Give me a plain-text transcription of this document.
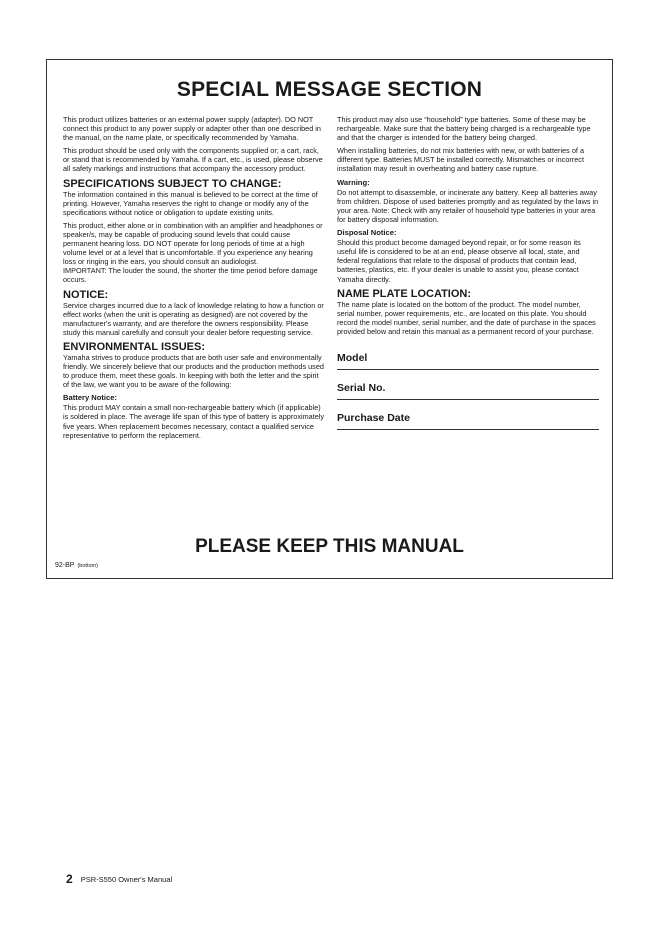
SPECIAL MESSAGE SECTION

This product utilizes batteries or an external power supply (adapter). DO NOT connect this product to any power supply or adapter other than one described in the manual, on the name plate, or specifically recommended by Yamaha.

This product should be used only with the components supplied or; a cart, rack, or stand that is recommended by Yamaha. If a cart, etc., is used, please observe all safety markings and instructions that accompany the accessory product.

SPECIFICATIONS SUBJECT TO CHANGE:

The information contained in this manual is believed to be correct at the time of printing. However, Yamaha reserves the right to change or modify any of the specifications without notice or obligation to update existing units.

This product, either alone or in combination with an amplifier and headphones or speaker/s, may be capable of producing sound levels that could cause permanent hearing loss. DO NOT operate for long periods of time at a high volume level or at a level that is uncomfortable. If you experience any hearing loss or ringing in the ears, you should consult an audiologist.

IMPORTANT: The louder the sound, the shorter the time period before damage occurs.

NOTICE:

Service charges incurred due to a lack of knowledge relating to how a function or effect works (when the unit is operating as designed) are not covered by the manufacturer's warranty, and are therefore the owners responsibility. Please study this manual carefully and consult your dealer before requesting service.

ENVIRONMENTAL ISSUES:

Yamaha strives to produce products that are both user safe and environmentally friendly. We sincerely believe that our products and the production methods used to produce them, meet these goals. In keeping with both the letter and the spirit of the law, we want you to be aware of the following:

Battery Notice:

This product MAY contain a small non-rechargeable battery which (if applicable) is soldered in place. The average life span of this type of battery is approximately five years. When replacement becomes necessary, contact a qualified service representative to perform the replacement.

This product may also use “household” type batteries. Some of these may be rechargeable. Make sure that the battery being charged is a rechargeable type and that the charger is intended for the battery being charged.

When installing batteries, do not mix batteries with new, or with batteries of a different type. Batteries MUST be installed correctly. Mismatches or incorrect installation may result in overheating and battery case rupture.

Warning:

Do not attempt to disassemble, or incinerate any battery. Keep all batteries away from children. Dispose of used batteries promptly and as regulated by the laws in your area. Note: Check with any retailer of household type batteries in your area for battery disposal information.

Disposal Notice:

Should this product become damaged beyond repair, or for some reason its useful life is considered to be at an end, please observe all local, state, and federal regulations that relate to the disposal of products that contain lead, batteries, plastics, etc. If your dealer is unable to assist you, please contact Yamaha directly.

NAME PLATE LOCATION:

The name plate is located on the bottom of the product. The model number, serial number, power requirements, etc., are located on this plate. You should record the model number, serial number, and the date of purchase in the spaces provided below and retain this manual as a permanent record of your purchase.

Model
Serial No.
Purchase Date
PLEASE KEEP THIS MANUAL
92-BP (bottom)
2 PSR-S550 Owner's Manual
